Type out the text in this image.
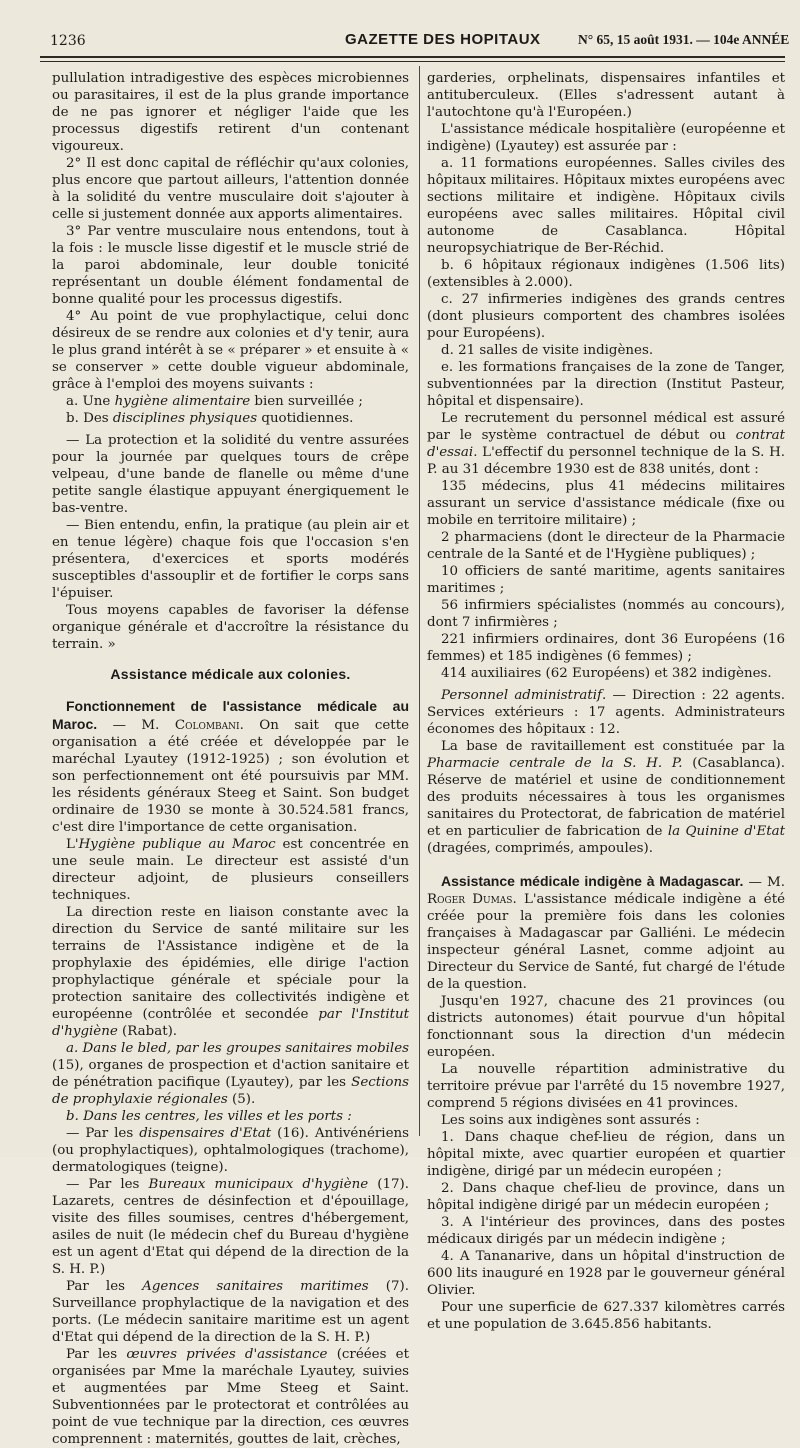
1236	GAZETTE DES HOPITAUX	N° 65, 15 août 1931. — 104e ANNÉE

pullulation intradigestive des espèces microbiennes ou parasitaires, il est de la plus grande importance de ne pas ignorer et négliger l'aide que les processus digestifs retirent d'un contenant vigoureux.

2° Il est donc capital de réfléchir qu'aux colonies, plus encore que partout ailleurs, l'attention donnée à la solidité du ventre musculaire doit s'ajouter à celle si justement donnée aux apports alimentaires.

3° Par ventre musculaire nous entendons, tout à la fois : le muscle lisse digestif et le muscle strié de la paroi abdominale, leur double tonicité représentant un double élément fondamental de bonne qualité pour les processus digestifs.

4° Au point de vue prophylactique, celui donc désireux de se rendre aux colonies et d'y tenir, aura le plus grand intérêt à se « préparer » et ensuite à « se conserver » cette double vigueur abdominale, grâce à l'emploi des moyens suivants :

a. Une hygiène alimentaire bien surveillée ;

b. Des disciplines physiques quotidiennes.

— La protection et la solidité du ventre assurées pour la journée par quelques tours de crêpe velpeau, d'une bande de flanelle ou même d'une petite sangle élastique appuyant énergiquement le bas-ventre.

— Bien entendu, enfin, la pratique (au plein air et en tenue légère) chaque fois que l'occasion s'en présentera, d'exercices et sports modérés susceptibles d'assouplir et de fortifier le corps sans l'épuiser.

Tous moyens capables de favoriser la défense organique générale et d'accroître la résistance du terrain. »

Assistance médicale aux colonies.

Fonctionnement de l'assistance médicale au Maroc. — M. Colombani. On sait que cette organisation a été créée et développée par le maréchal Lyautey (1912-1925) ; son évolution et son perfectionnement ont été poursuivis par MM. les résidents généraux Steeg et Saint. Son budget ordinaire de 1930 se monte à 30.524.581 francs, c'est dire l'importance de cette organisation.

L'Hygiène publique au Maroc est concentrée en une seule main. Le directeur est assisté d'un directeur adjoint, de plusieurs conseillers techniques.

La direction reste en liaison constante avec la direction du Service de santé militaire sur les terrains de l'Assistance indigène et de la prophylaxie des épidémies, elle dirige l'action prophylactique générale et spéciale pour la protection sanitaire des collectivités indigène et européenne (contrôlée et secondée par l'Institut d'hygiène (Rabat).

a. Dans le bled, par les groupes sanitaires mobiles (15), organes de prospection et d'action sanitaire et de pénétration pacifique (Lyautey), par les Sections de prophylaxie régionales (5).

b. Dans les centres, les villes et les ports :

— Par les dispensaires d'Etat (16). Antivénériens (ou prophylactiques), ophtalmologiques (trachome), dermatologiques (teigne).

— Par les Bureaux municipaux d'hygiène (17). Lazarets, centres de désinfection et d'épouillage, visite des filles soumises, centres d'hébergement, asiles de nuit (le médecin chef du Bureau d'hygiène est un agent d'Etat qui dépend de la direction de la S. H. P.)

Par les Agences sanitaires maritimes (7). Surveillance prophylactique de la navigation et des ports. (Le médecin sanitaire maritime est un agent d'Etat qui dépend de la direction de la S. H. P.)

Par les œuvres privées d'assistance (créées et organisées par Mme la maréchale Lyautey, suivies et augmentées par Mme Steeg et Saint. Subventionnées par le protectorat et contrôlées au point de vue technique par la direction, ces œuvres comprennent : maternités, gouttes de lait, crèches,

garderies, orphelinats, dispensaires infantiles et antituberculeux. (Elles s'adressent autant à l'autochtone qu'à l'Européen.)

L'assistance médicale hospitalière (européenne et indigène) (Lyautey) est assurée par :

a. 11 formations européennes. Salles civiles des hôpitaux militaires. Hôpitaux mixtes européens avec sections militaire et indigène. Hôpitaux civils européens avec salles militaires. Hôpital civil autonome de Casablanca. Hôpital neuropsychiatrique de Ber-Réchid.

b. 6 hôpitaux régionaux indigènes (1.506 lits) (extensibles à 2.000).

c. 27 infirmeries indigènes des grands centres (dont plusieurs comportent des chambres isolées pour Européens).

d. 21 salles de visite indigènes.

e. les formations françaises de la zone de Tanger, subventionnées par la direction (Institut Pasteur, hôpital et dispensaire).

Le recrutement du personnel médical est assuré par le système contractuel de début ou contrat d'essai. L'effectif du personnel technique de la S. H. P. au 31 décembre 1930 est de 838 unités, dont :

135 médecins, plus 41 médecins militaires assurant un service d'assistance médicale (fixe ou mobile en territoire militaire) ;

2 pharmaciens (dont le directeur de la Pharmacie centrale de la Santé et de l'Hygiène publiques) ;

10 officiers de santé maritime, agents sanitaires maritimes ;

56 infirmiers spécialistes (nommés au concours), dont 7 infirmières ;

221 infirmiers ordinaires, dont 36 Européens (16 femmes) et 185 indigènes (6 femmes) ;

414 auxiliaires (62 Européens) et 382 indigènes.

Personnel administratif. — Direction : 22 agents. Services extérieurs : 17 agents. Administrateurs économes des hôpitaux : 12.

La base de ravitaillement est constituée par la Pharmacie centrale de la S. H. P. (Casablanca). Réserve de matériel et usine de conditionnement des produits nécessaires à tous les organismes sanitaires du Protectorat, de fabrication de matériel et en particulier de fabrication de la Quinine d'Etat (dragées, comprimés, ampoules).

Assistance médicale indigène à Madagascar. — M. Roger Dumas. L'assistance médicale indigène a été créée pour la première fois dans les colonies françaises à Madagascar par Galliéni. Le médecin inspecteur général Lasnet, comme adjoint au Directeur du Service de Santé, fut chargé de l'étude de la question.

Jusqu'en 1927, chacune des 21 provinces (ou districts autonomes) était pourvue d'un hôpital fonctionnant sous la direction d'un médecin européen.

La nouvelle répartition administrative du territoire prévue par l'arrêté du 15 novembre 1927, comprend 5 régions divisées en 41 provinces.

Les soins aux indigènes sont assurés :

1. Dans chaque chef-lieu de région, dans un hôpital mixte, avec quartier européen et quartier indigène, dirigé par un médecin européen ;

2. Dans chaque chef-lieu de province, dans un hôpital indigène dirigé par un médecin européen ;

3. A l'intérieur des provinces, dans des postes médicaux dirigés par un médecin indigène ;

4. A Tananarive, dans un hôpital d'instruction de 600 lits inauguré en 1928 par le gouverneur général Olivier.

Pour une superficie de 627.337 kilomètres carrés et une population de 3.645.856 habitants.
